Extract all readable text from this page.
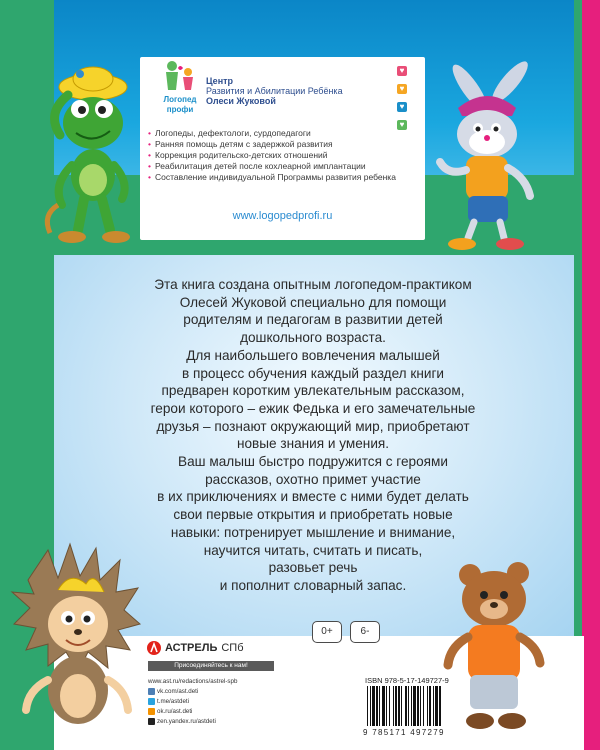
Логопед
профи
Центр
Развития и Абилитации Ребёнка
Олеси Жуковой
♥
♥
♥
♥
• Логопеды, дефектологи, сурдопедагоги
• Ранняя помощь детям с задержкой развития
• Коррекция родительско-детских отношений
• Реабилитация детей после кохлеарной имплантации
• Составление индивидуальной Программы развития ребенка
www.logopedprofi.ru

Эта книга создана опытным логопедом-практиком

Олесей Жуковой специально для помощи

родителям и педагогам в развитии детей

дошкольного возраста.

Для наибольшего вовлечения малышей

в процесс обучения каждый раздел книги

предварен коротким увлекательным рассказом,

герои которого – ежик Федька и его замечательные

друзья – познают окружающий мир, приобретают

новые знания и умения.

Ваш малыш быстро подружится с героями

рассказов, охотно примет участие

в их приключениях и вместе с ними будет делать

свои первые открытия и приобретать новые

навыки: потренирует мышление и внимание,

научится читать, считать и писать,

разовьет речь

и пополнит словарный запас.

0+	6-
АСТРЕЛЬ СПб
Присоединяйтесь к нам!
www.ast.ru/redactions/astrel-spb
vk.com/ast.deti
t.me/astdeti
ok.ru/ast.deti
zen.yandex.ru/astdeti
ISBN 978-5-17-149727-9
9 785171 497279
